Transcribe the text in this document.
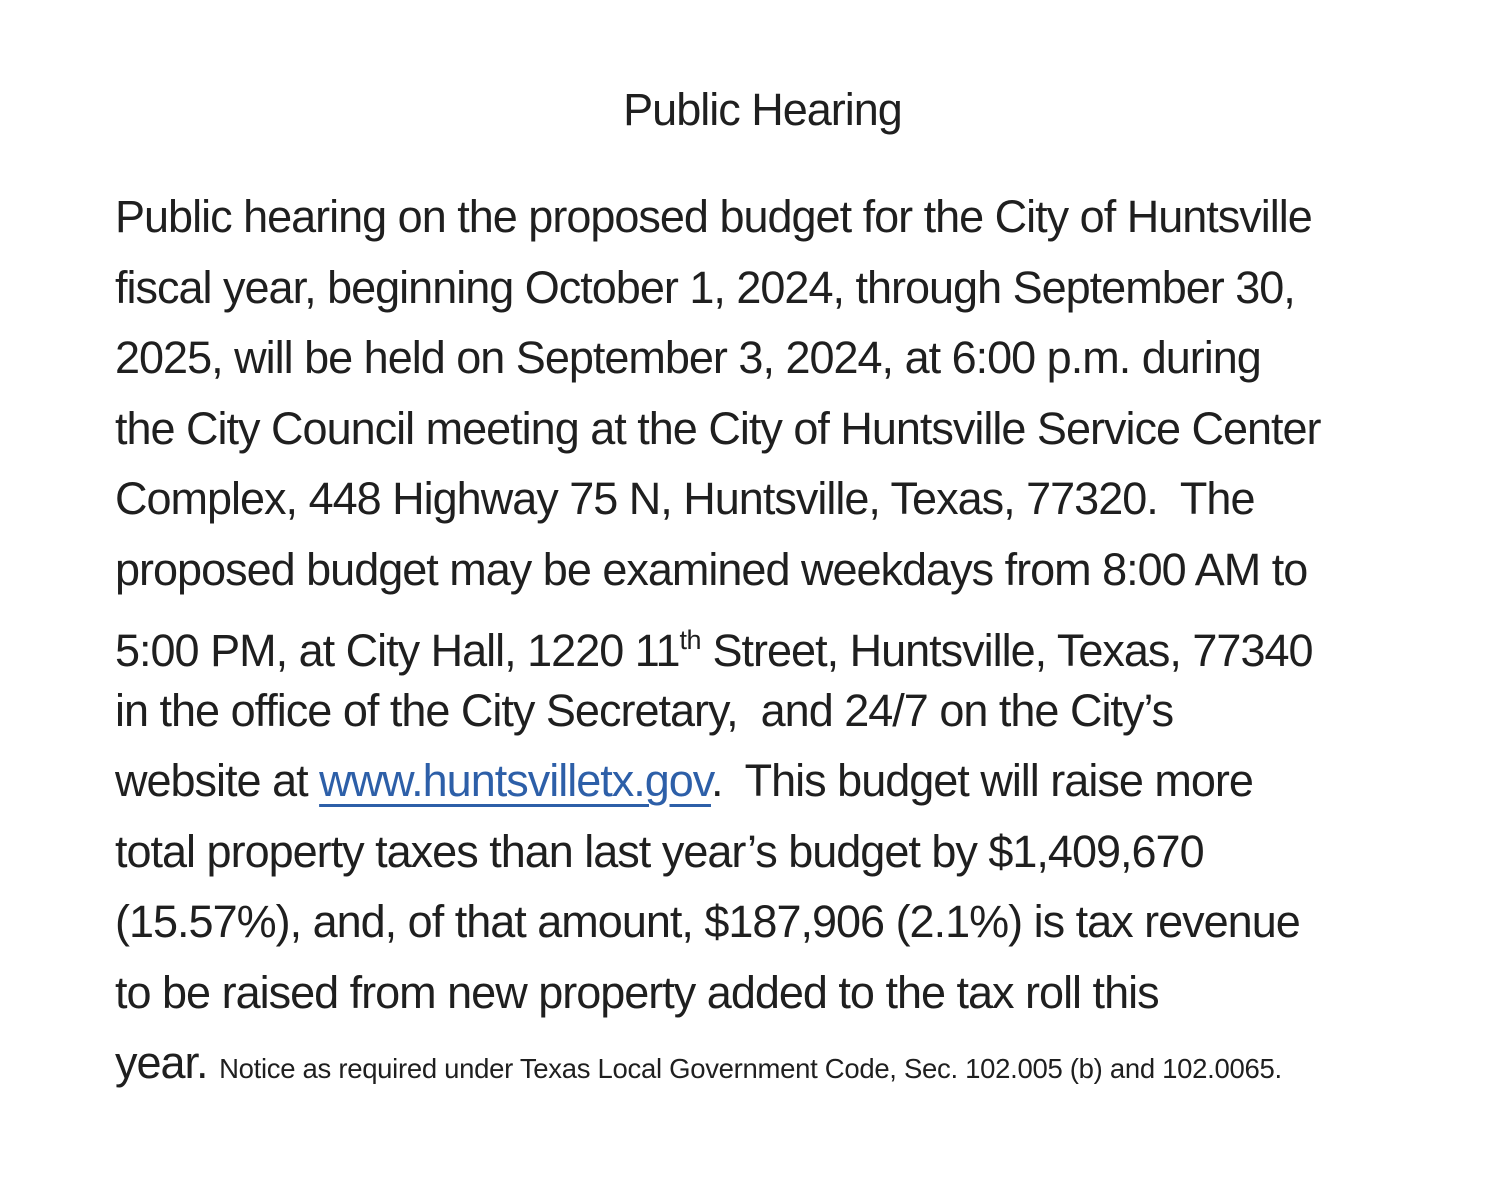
Public Hearing
Public hearing on the proposed budget for the City of Huntsville
fiscal year, beginning October 1, 2024, through September 30,
2025, will be held on September 3, 2024, at 6:00 p.m. during
the City Council meeting at the City of Huntsville Service Center
Complex, 448 Highway 75 N, Huntsville, Texas, 77320.  The
proposed budget may be examined weekdays from 8:00 AM to
5:00 PM, at City Hall, 1220 11th Street, Huntsville, Texas, 77340
in the office of the City Secretary,  and 24/7 on the City’s
website at www.huntsvilletx.gov.  This budget will raise more
total property taxes than last year’s budget by $1,409,670
(15.57%), and, of that amount, $187,906 (2.1%) is tax revenue
to be raised from new property added to the tax roll this
year. Notice as required under Texas Local Government Code, Sec. 102.005 (b) and 102.0065.
